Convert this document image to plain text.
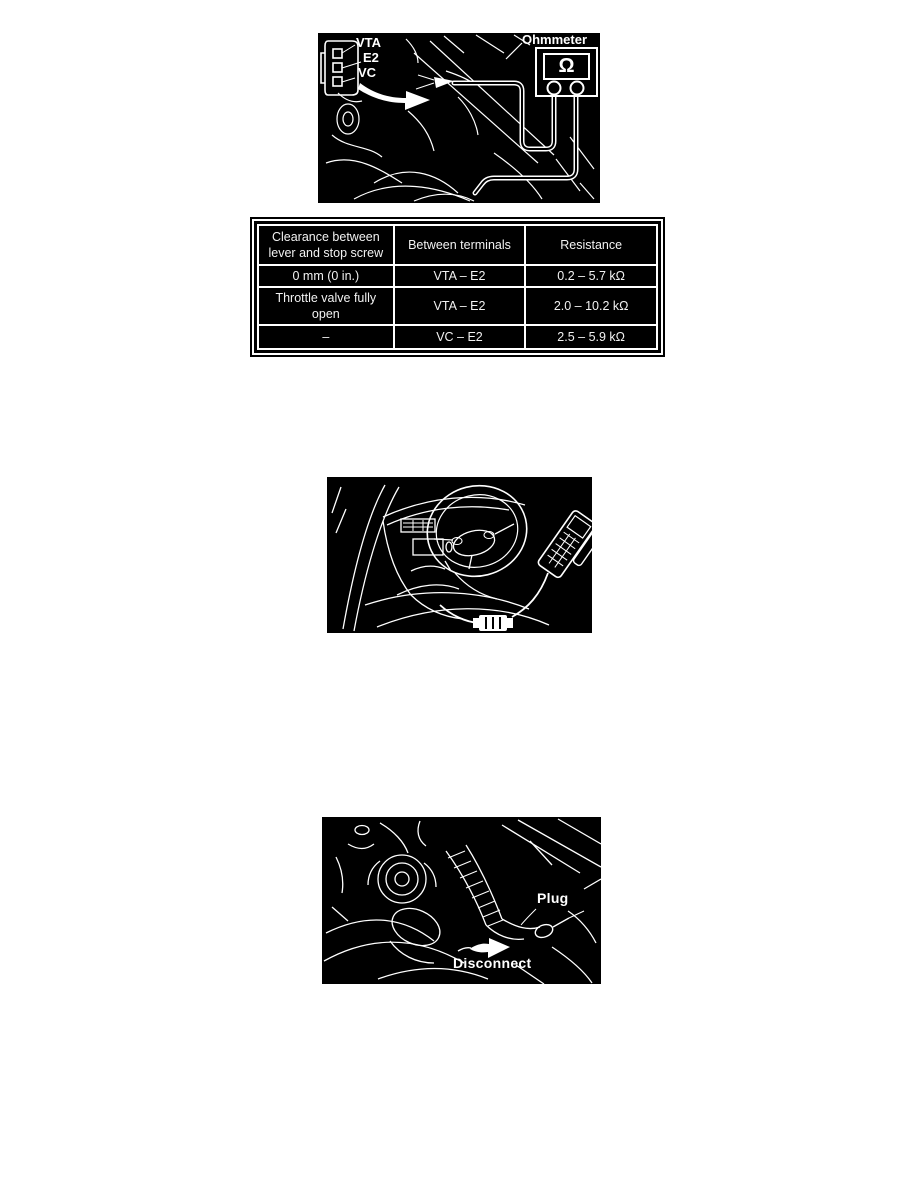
VTA
E2
VC
Ohmmeter
Ω
Clearance between lever and stop screw	Between terminals	Resistance
0 mm (0 in.)	VTA – E2	0.2 – 5.7 kΩ
Throttle valve fully open	VTA – E2	2.0 – 10.2 kΩ
–	VC – E2	2.5 – 5.9 kΩ
Plug
Disconnect
